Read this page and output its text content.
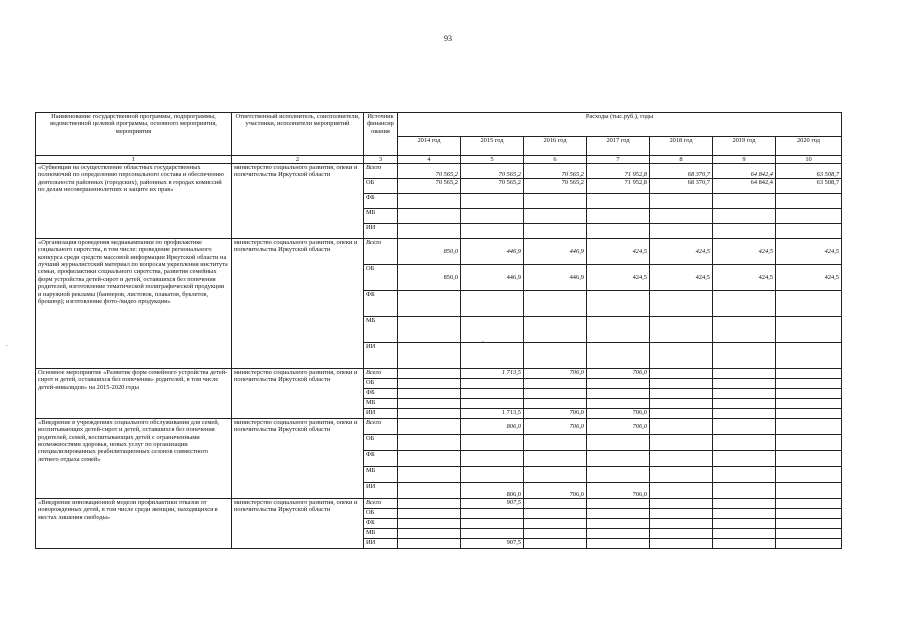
93
Наименование государственной программы, подпрограммы, ведомственной целевой программы, основного мероприятия, мероприятия	Ответственный исполнитель, соисполнители, участники, исполнители мероприятий	Источник финансир ования	Расходы (тыс.руб.), годы						
			2014 год	2015 год	2016 год	2017 год	2018 год	2019 год	2020 год
1	2	3	4	5	6	7	8	9	10
«Субвенции на осуществление областных государственных полномочий по определению персонального состава и обеспечению деятельности районных (городских), районных в городах комиссий по делам несовершеннолетних и защите их прав»	министерство социального развития, опеки и попечительства Иркутской области	Всего	70 565,2	70 565,2	70 565,2	71 952,8	68 370,7	64 842,4	63 508,7
		ОБ	70 565,2	70 565,2	70 565,2	71 952,8	68 370,7	64 842,4	63 508,7
		ФБ							
		МБ							
		ИИ							
«Организация проведения медиакампании по профилактике социального сиротства, в том числе: проведение регионального конкурса среди средств массовой информации Иркутской области на лучший журналистский материал по вопросам укрепления института семьи, профилактики социального сиротства, развития семейных форм устройства детей-сирот и детей, оставшихся без попечения родителей, изготовление тематической полиграфической продукции и наружной рекламы (баннеров, листовок, плакатов, буклетов, брошюр); изготовление фото-/видео продукции»	министерство социального развития, опеки и попечительства Иркутской области	Всего	850,0	446,9	446,9	424,5	424,5	424,5	424,5
		ОБ	850,0	446,9	446,9	424,5	424,5	424,5	424,5
		ФБ							
		МБ							
		ИИ							
Основное мероприятие «Развитие форм семейного устройства детей-сирот и детей, оставшихся без попечения» родителей, в том числе детей-инвалидов» на 2015-2020 годы	министерство социального развития, опеки и попечительства Иркутской области	Всего		1 713,5	706,0	706,0			
		ОБ							
		ФБ							
		МБ							
		ИИ		1 713,5	706,0	706,0			
«Внедрение в учреждениях социального обслуживания для семей, воспитывающих детей-сирот и детей, оставшихся без попечения родителей, семей, воспитывающих детей с ограниченными возможностями здоровья, новых услуг по организации специализированных реабилитационных сезонов совместного летнего отдыха семей»	министерство социального развития, опеки и попечительства Иркутской области	Всего		806,0	706,0	706,0			
		ОБ							
		ФБ							
		МБ							
		ИИ		806,0	706,0	706,0			
«Внедрение инновационной модели профилактики отказов от новорожденных детей, в том числе среди женщин, находящихся в местах лишения свободы»	министерство социального развития, опеки и попечительства Иркутской области	Всего		907,5					
		ОБ							
		ФБ							
		МБ							
		ИИ		907,5					
.	.	.
